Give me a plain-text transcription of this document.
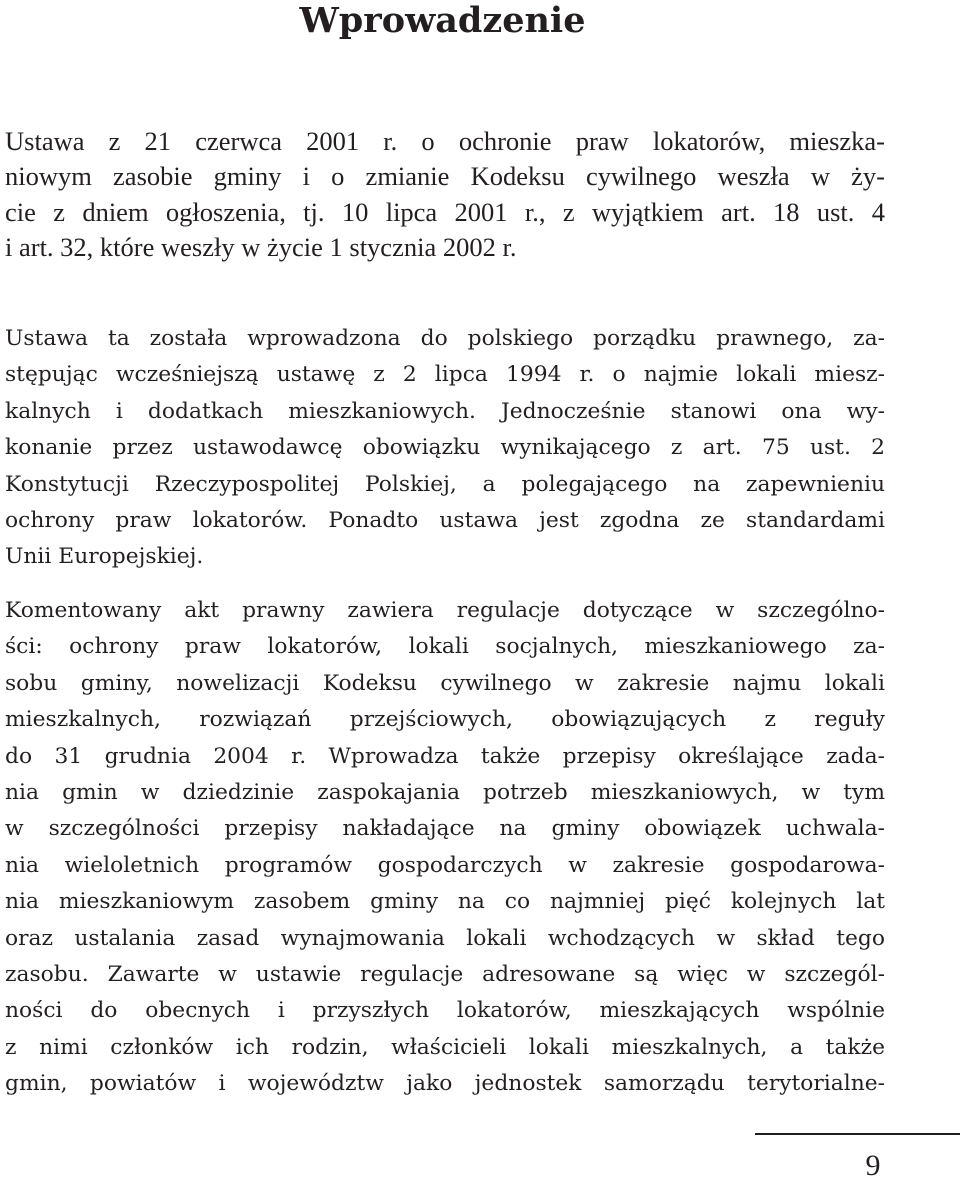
Wprowadzenie
Ustawa z 21 czerwca 2001 r. o ochronie praw lokatorów, mieszka-
niowym zasobie gminy i o zmianie Kodeksu cywilnego weszła w ży-
cie z dniem ogłoszenia, tj. 10 lipca 2001 r., z wyjątkiem art. 18 ust. 4
i art. 32, które weszły w życie 1 stycznia 2002 r.
Ustawa ta została wprowadzona do polskiego porządku prawnego, za-
stępując wcześniejszą ustawę z 2 lipca 1994 r. o najmie lokali miesz-
kalnych i dodatkach mieszkaniowych. Jednocześnie stanowi ona wy-
konanie przez ustawodawcę obowiązku wynikającego z art. 75 ust. 2
Konstytucji Rzeczypospolitej Polskiej, a polegającego na zapewnieniu
ochrony praw lokatorów. Ponadto ustawa jest zgodna ze standardami
Unii Europejskiej.
Komentowany akt prawny zawiera regulacje dotyczące w szczególno-
ści: ochrony praw lokatorów, lokali socjalnych, mieszkaniowego za-
sobu gminy, nowelizacji Kodeksu cywilnego w zakresie najmu lokali
mieszkalnych, rozwiązań przejściowych, obowiązujących z reguły
do 31 grudnia 2004 r. Wprowadza także przepisy określające zada-
nia gmin w dziedzinie zaspokajania potrzeb mieszkaniowych, w tym
w szczególności przepisy nakładające na gminy obowiązek uchwala-
nia wieloletnich programów gospodarczych w zakresie gospodarowa-
nia mieszkaniowym zasobem gminy na co najmniej pięć kolejnych lat
oraz ustalania zasad wynajmowania lokali wchodzących w skład tego
zasobu. Zawarte w ustawie regulacje adresowane są więc w szczegól-
ności do obecnych i przyszłych lokatorów, mieszkających wspólnie
z nimi członków ich rodzin, właścicieli lokali mieszkalnych, a także
gmin, powiatów i województw jako jednostek samorządu terytorialne-
9
